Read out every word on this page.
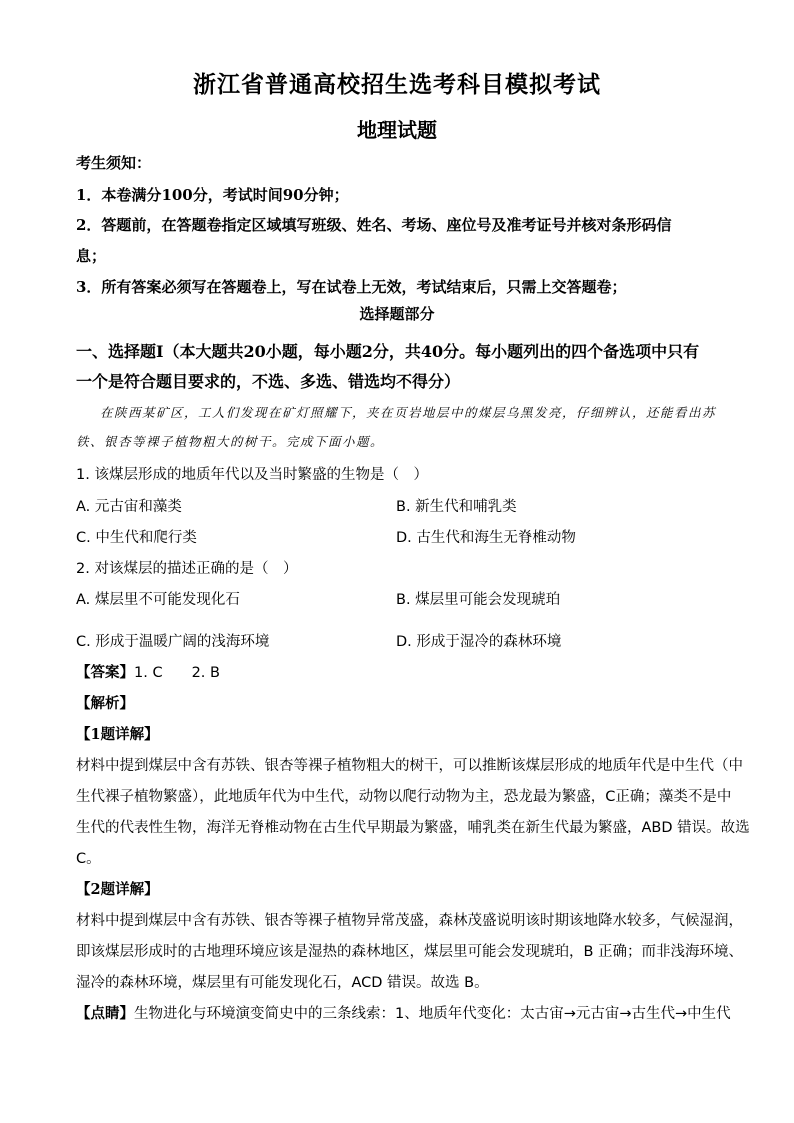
浙江省普通高校招生选考科目模拟考试
地理试题
考生须知：
1．本卷满分100分，考试时间90分钟；
2．答题前，在答题卷指定区域填写班级、姓名、考场、座位号及准考证号并核对条形码信
息；
3．所有答案必须写在答题卷上，写在试卷上无效，考试结束后，只需上交答题卷；
选择题部分
一、选择题Ⅰ（本大题共20小题，每小题2分，共40分。每小题列出的四个备选项中只有
一个是符合题目要求的，不选、多选、错选均不得分）
在陕西某矿区，工人们发现在矿灯照耀下，夹在页岩地层中的煤层乌黑发亮，仔细辨认，还能看出苏
铁、银杏等裸子植物粗大的树干。完成下面小题。
1. 该煤层形成的地质年代以及当时繁盛的生物是（　）
A. 元古宙和藻类	B. 新生代和哺乳类
C. 中生代和爬行类	D. 古生代和海生无脊椎动物
2. 对该煤层的描述正确的是（　）
A. 煤层里不可能发现化石	B. 煤层里可能会发现琥珀
C. 形成于温暖广阔的浅海环境	D. 形成于湿冷的森林环境
【答案】1. C　　2. B
【解析】
【1题详解】
材料中提到煤层中含有苏铁、银杏等裸子植物粗大的树干，可以推断该煤层形成的地质年代是中生代（中
生代裸子植物繁盛），此地质年代为中生代，动物以爬行动物为主，恐龙最为繁盛，C正确；藻类不是中
生代的代表性生物，海洋无脊椎动物在古生代早期最为繁盛，哺乳类在新生代最为繁盛，ABD 错误。故选
C。
【2题详解】
材料中提到煤层中含有苏铁、银杏等裸子植物异常茂盛，森林茂盛说明该时期该地降水较多，气候湿润，
即该煤层形成时的古地理环境应该是湿热的森林地区，煤层里可能会发现琥珀，B 正确；而非浅海环境、
湿冷的森林环境，煤层里有可能发现化石，ACD 错误。故选 B。
【点睛】生物进化与环境演变简史中的三条线索：1、地质年代变化：太古宙→元古宙→古生代→中生代
